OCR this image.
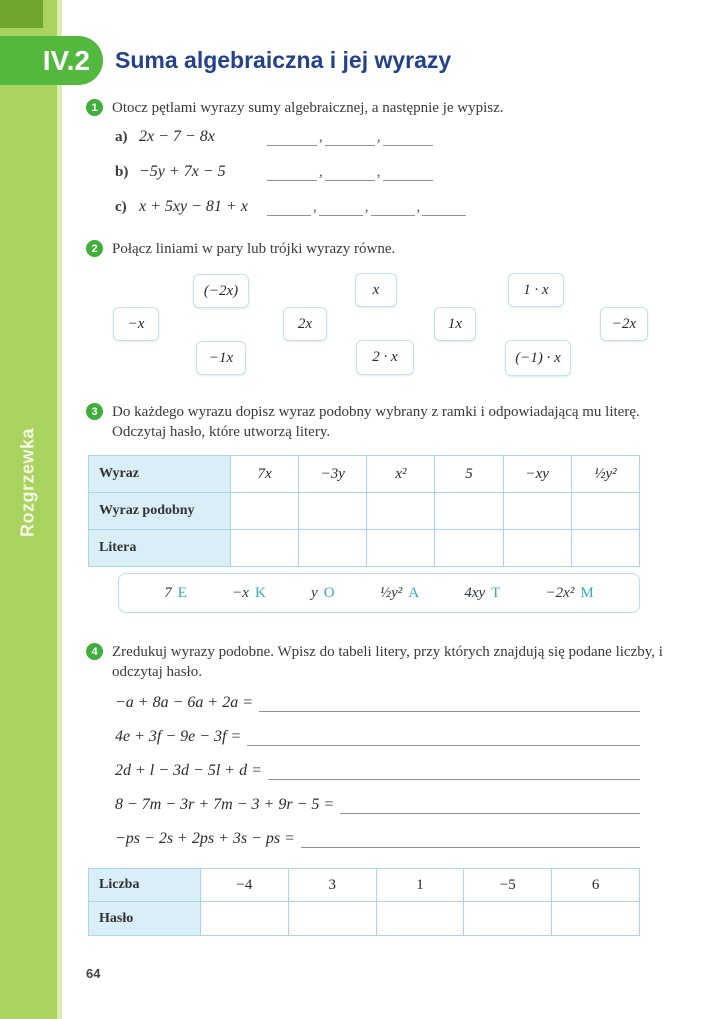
Rozgrzewka
IV.2	Suma algebraiczna i jej wyrazy
1 Otocz pętlami wyrazy sumy algebraicznej, a następnie je wypisz.
a) 2x − 7 − 8x	,	,
b) −5y + 7x − 5	,	,
c) x + 5xy − 81 + x	,	,	,
2 Połącz liniami w pary lub trójki wyrazy równe.
(−2x)	x	1 · x
−x	2x	1x	−2x
−1x	2 · x	(−1) · x
3 Do każdego wyrazu dopisz wyraz podobny wybrany z ramki i odpowiadającą mu literę. Odczytaj hasło, które utworzą litery.
Wyraz	7x	−3y	x²	5	−xy	½y²
Wyraz podobny						
Litera						
7 E	−x K	y O	½y² A	4xy T	−2x² M
4 Zredukuj wyrazy podobne. Wpisz do tabeli litery, przy których znajdują się podane liczby, i odczytaj hasło.
−a + 8a − 6a + 2a =
4e + 3f − 9e − 3f =
2d + l − 3d − 5l + d =
8 − 7m − 3r + 7m − 3 + 9r − 5 =
−ps − 2s + 2ps + 3s − ps =
Liczba	−4	3	1	−5	6
Hasło					
64
